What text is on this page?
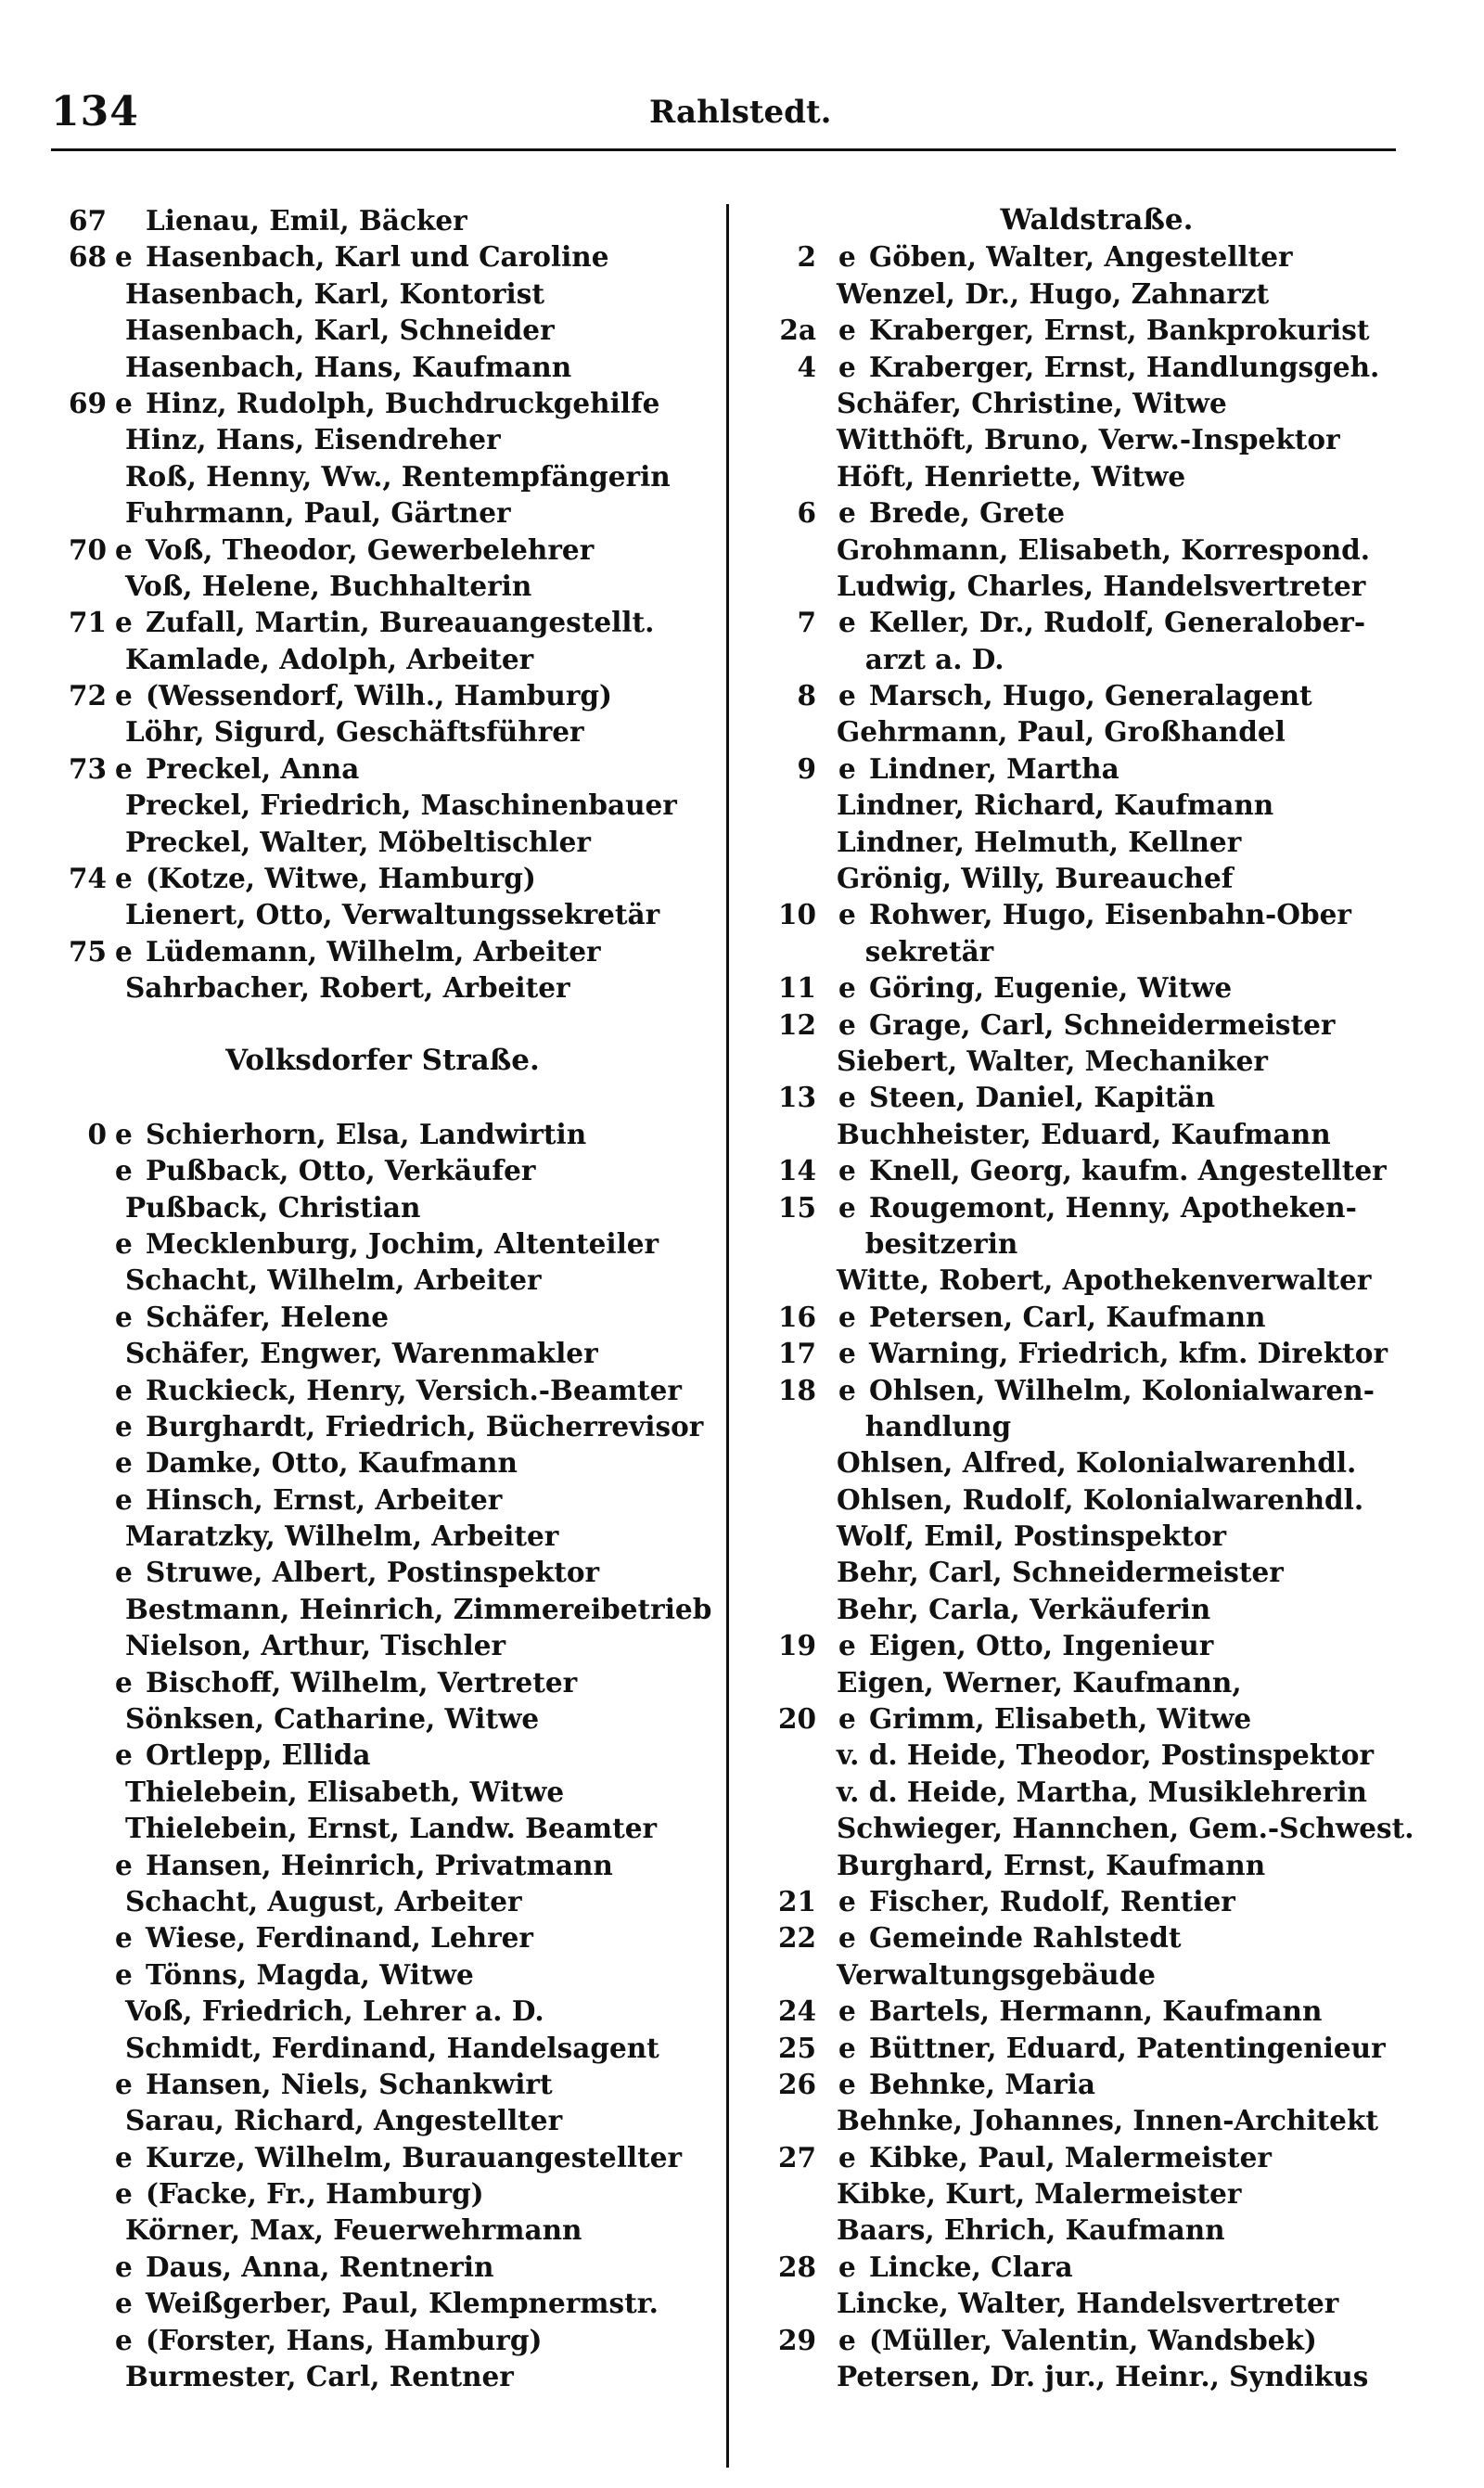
134	Rahlstedt.
67 Lienau, Emil, Bäcker
68 e Hasenbach, Karl und Caroline
Hasenbach, Karl, Kontorist
Hasenbach, Karl, Schneider
Hasenbach, Hans, Kaufmann
69 e Hinz, Rudolph, Buchdruckgehilfe
Hinz, Hans, Eisendreher
Roß, Henny, Ww., Rentempfängerin
Fuhrmann, Paul, Gärtner
70 e Voß, Theodor, Gewerbelehrer
Voß, Helene, Buchhalterin
71 e Zufall, Martin, Bureauangestellt.
Kamlade, Adolph, Arbeiter
72 e (Wessendorf, Wilh., Hamburg)
Löhr, Sigurd, Geschäftsführer
73 e Preckel, Anna
Preckel, Friedrich, Maschinenbauer
Preckel, Walter, Möbeltischler
74 e (Kotze, Witwe, Hamburg)
Lienert, Otto, Verwaltungssekretär
75 e Lüdemann, Wilhelm, Arbeiter
Sahrbacher, Robert, Arbeiter
Volksdorfer Straße.
0 e Schierhorn, Elsa, Landwirtin
e Pußback, Otto, Verkäufer
Pußback, Christian
e Mecklenburg, Jochim, Altenteiler
Schacht, Wilhelm, Arbeiter
e Schäfer, Helene
Schäfer, Engwer, Warenmakler
e Ruckieck, Henry, Versich.-Beamter
e Burghardt, Friedrich, Bücherrevisor
e Damke, Otto, Kaufmann
e Hinsch, Ernst, Arbeiter
Maratzky, Wilhelm, Arbeiter
e Struwe, Albert, Postinspektor
Bestmann, Heinrich, Zimmereibetrieb
Nielson, Arthur, Tischler
e Bischoff, Wilhelm, Vertreter
Sönksen, Catharine, Witwe
e Ortlepp, Ellida
Thielebein, Elisabeth, Witwe
Thielebein, Ernst, Landw. Beamter
e Hansen, Heinrich, Privatmann
Schacht, August, Arbeiter
e Wiese, Ferdinand, Lehrer
e Tönns, Magda, Witwe
Voß, Friedrich, Lehrer a. D.
Schmidt, Ferdinand, Handelsagent
e Hansen, Niels, Schankwirt
Sarau, Richard, Angestellter
e Kurze, Wilhelm, Burauangestellter
e (Facke, Fr., Hamburg)
Körner, Max, Feuerwehrmann
e Daus, Anna, Rentnerin
e Weißgerber, Paul, Klempnermstr.
e (Forster, Hans, Hamburg)
Burmester, Carl, Rentner
Waldstraße.
2 e Göben, Walter, Angestellter
Wenzel, Dr., Hugo, Zahnarzt
2a e Kraberger, Ernst, Bankprokurist
4 e Kraberger, Ernst, Handlungsgeh.
Schäfer, Christine, Witwe
Witthöft, Bruno, Verw.-Inspektor
Höft, Henriette, Witwe
6 e Brede, Grete
Grohmann, Elisabeth, Korrespond.
Ludwig, Charles, Handelsvertreter
7 e Keller, Dr., Rudolf, Generalober-
arzt a. D.
8 e Marsch, Hugo, Generalagent
Gehrmann, Paul, Großhandel
9 e Lindner, Martha
Lindner, Richard, Kaufmann
Lindner, Helmuth, Kellner
Grönig, Willy, Bureauchef
10 e Rohwer, Hugo, Eisenbahn-Ober
sekretär
11 e Göring, Eugenie, Witwe
12 e Grage, Carl, Schneidermeister
Siebert, Walter, Mechaniker
13 e Steen, Daniel, Kapitän
Buchheister, Eduard, Kaufmann
14 e Knell, Georg, kaufm. Angestellter
15 e Rougemont, Henny, Apotheken-
besitzerin
Witte, Robert, Apothekenverwalter
16 e Petersen, Carl, Kaufmann
17 e Warning, Friedrich, kfm. Direktor
18 e Ohlsen, Wilhelm, Kolonialwaren-
handlung
Ohlsen, Alfred, Kolonialwarenhdl.
Ohlsen, Rudolf, Kolonialwarenhdl.
Wolf, Emil, Postinspektor
Behr, Carl, Schneidermeister
Behr, Carla, Verkäuferin
19 e Eigen, Otto, Ingenieur
Eigen, Werner, Kaufmann,
20 e Grimm, Elisabeth, Witwe
v. d. Heide, Theodor, Postinspektor
v. d. Heide, Martha, Musiklehrerin
Schwieger, Hannchen, Gem.-Schwest.
Burghard, Ernst, Kaufmann
21 e Fischer, Rudolf, Rentier
22 e Gemeinde Rahlstedt
Verwaltungsgebäude
24 e Bartels, Hermann, Kaufmann
25 e Büttner, Eduard, Patentingenieur
26 e Behnke, Maria
Behnke, Johannes, Innen-Architekt
27 e Kibke, Paul, Malermeister
Kibke, Kurt, Malermeister
Baars, Ehrich, Kaufmann
28 e Lincke, Clara
Lincke, Walter, Handelsvertreter
29 e (Müller, Valentin, Wandsbek)
Petersen, Dr. jur., Heinr., Syndikus
